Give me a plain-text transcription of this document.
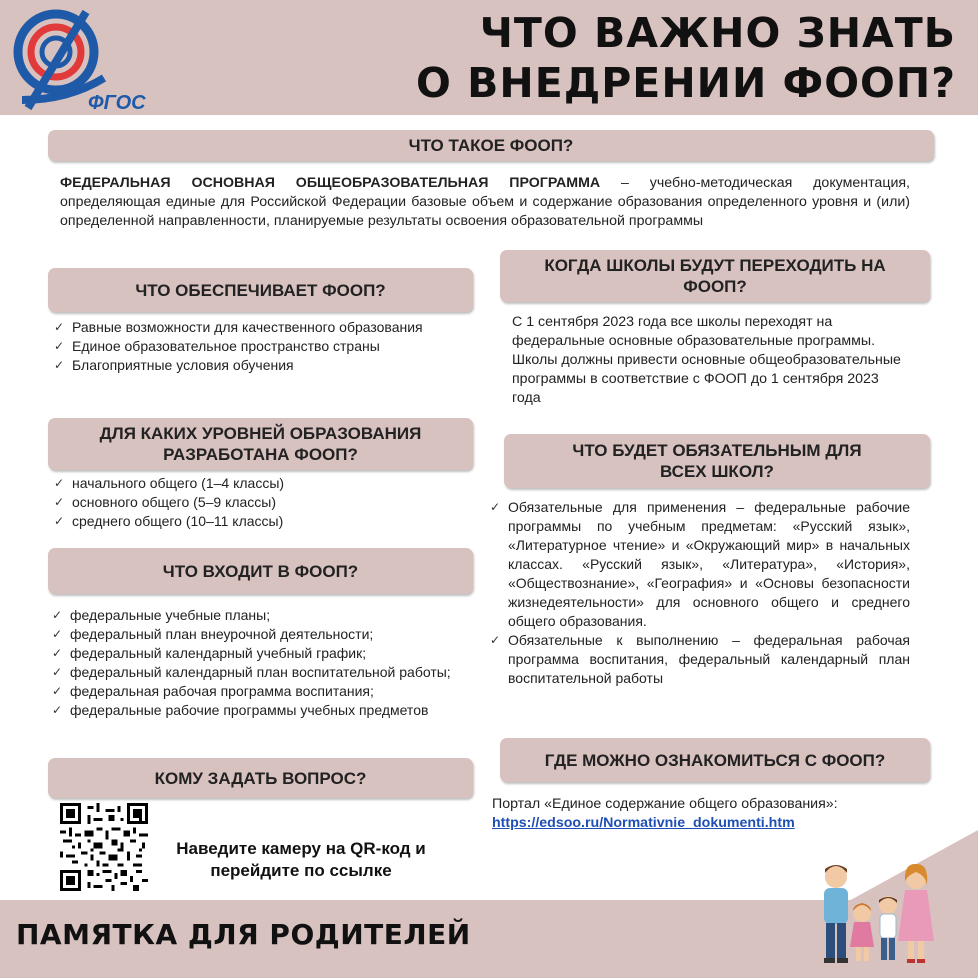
ФГОС
ЧТО ВАЖНО ЗНАТЬ
О ВНЕДРЕНИИ ФООП?
ЧТО ТАКОЕ ФООП?
ФЕДЕРАЛЬНАЯ ОСНОВНАЯ ОБЩЕОБРАЗОВАТЕЛЬНАЯ ПРОГРАММА – учебно-методическая документация, определяющая единые для Российской Федерации базовые объем и содержание образования определенного уровня и (или) определенной направленности, планируемые результаты освоения образовательной программы
ЧТО ОБЕСПЕЧИВАЕТ ФООП?
✓ Равные возможности для качественного образования
✓ Единое образовательное пространство страны
✓ Благоприятные условия обучения
ДЛЯ КАКИХ УРОВНЕЙ ОБРАЗОВАНИЯ РАЗРАБОТАНА ФООП?
✓ начального общего (1–4 классы)
✓ основного общего (5–9 классы)
✓ среднего общего (10–11 классы)
ЧТО ВХОДИТ В ФООП?
✓ федеральные учебные планы;
✓ федеральный план внеурочной деятельности;
✓ федеральный календарный учебный график;
✓ федеральный календарный план воспитательной работы;
✓ федеральная рабочая программа воспитания;
✓ федеральные рабочие программы учебных предметов
КОМУ ЗАДАТЬ ВОПРОС?
Наведите камеру на QR-код и перейдите по ссылке
КОГДА ШКОЛЫ БУДУТ ПЕРЕХОДИТЬ НА ФООП?
С 1 сентября 2023 года все школы переходят на федеральные основные образовательные программы. Школы должны привести основные общеобразовательные программы в соответствие с ФООП до 1 сентября 2023 года
ЧТО БУДЕТ ОБЯЗАТЕЛЬНЫМ ДЛЯ ВСЕХ ШКОЛ?
✓ Обязательные для применения – федеральные рабочие программы по учебным предметам: «Русский язык», «Литературное чтение» и «Окружающий мир» в начальных классах. «Русский язык», «Литература», «История», «Обществознание», «География» и «Основы безопасности жизнедеятельности» для основного общего и среднего общего образования.
✓ Обязательные к выполнению – федеральная рабочая программа воспитания, федеральный календарный план воспитательной работы
ГДЕ МОЖНО ОЗНАКОМИТЬСЯ С ФООП?
Портал «Единое содержание общего образования»:
https://edsoo.ru/Normativnie_dokumenti.htm
ПАМЯТКА ДЛЯ РОДИТЕЛЕЙ
